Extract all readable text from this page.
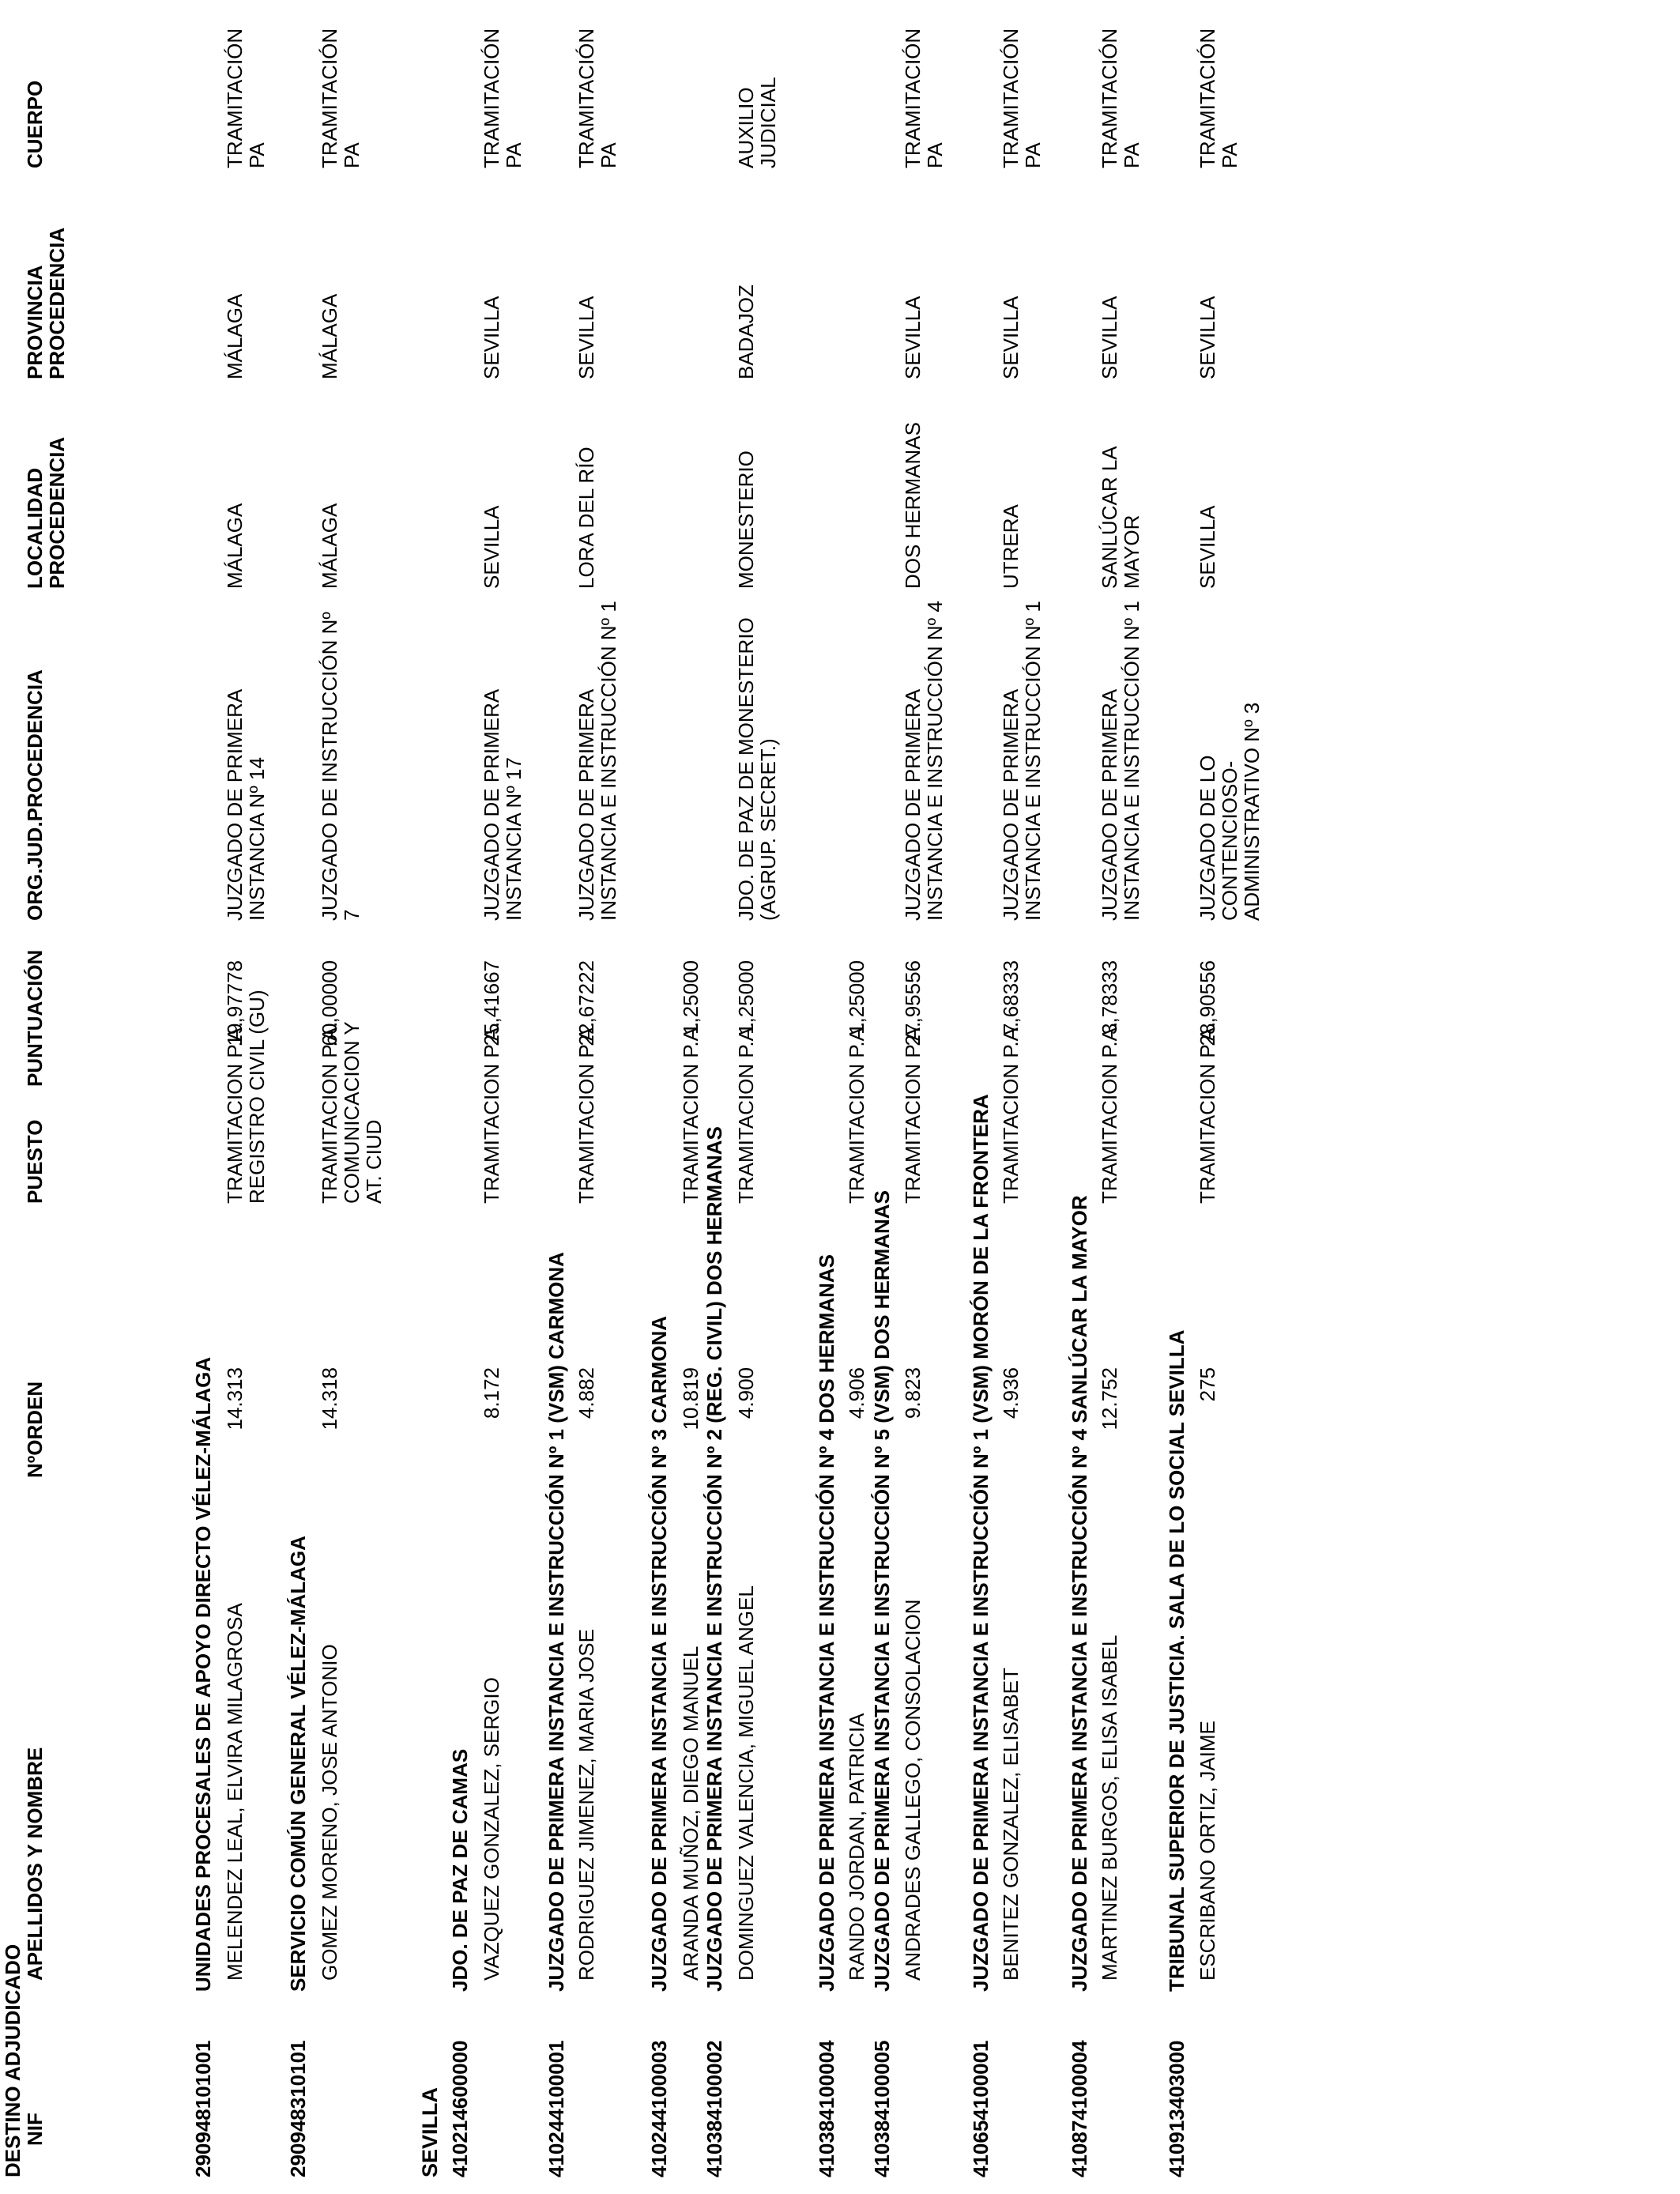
DESTINO ADJUDICADO
NIF
APELLIDOS Y NOMBRE
NºORDEN
PUESTO
PUNTUACIÓN
ORG.JUD.PROCEDENCIA
LOCALIDAD
PROCEDENCIA
PROVINCIA
PROCEDENCIA
CUERPO
SEVILLA
290948101001
UNIDADES PROCESALES DE APOYO DIRECTO VÉLEZ-MÁLAGA
290948310101
SERVICIO COMÚN GENERAL VÉLEZ-MÁLAGA
410214600000
JDO. DE PAZ DE CAMAS
410244100001
JUZGADO DE PRIMERA INSTANCIA E INSTRUCCIÓN Nº 1 (VSM) CARMONA
410244100003
JUZGADO DE PRIMERA INSTANCIA E INSTRUCCIÓN Nº 3 CARMONA
410384100002
JUZGADO DE PRIMERA INSTANCIA E INSTRUCCIÓN Nº 2 (REG. CIVIL) DOS HERMANAS
410384100004
JUZGADO DE PRIMERA INSTANCIA E INSTRUCCIÓN Nº 4 DOS HERMANAS
410384100005
JUZGADO DE PRIMERA INSTANCIA E INSTRUCCIÓN Nº 5 (VSM) DOS HERMANAS
410654100001
JUZGADO DE PRIMERA INSTANCIA E INSTRUCCIÓN Nº 1 (VSM) MORÓN DE LA FRONTERA
410874100004
JUZGADO DE PRIMERA INSTANCIA E INSTRUCCIÓN Nº 4 SANLÚCAR LA MAYOR
410913403000
TRIBUNAL SUPERIOR DE JUSTICIA. SALA DE LO SOCIAL SEVILLA
MELENDEZ LEAL, ELVIRA MILAGROSA
14.313
TRAMITACION P.A.
REGISTRO CIVIL (GU)
19,97778
JUZGADO DE PRIMERA
INSTANCIA Nº 14
MÁLAGA
MÁLAGA
TRAMITACIÓN
PA
GOMEZ MORENO, JOSE ANTONIO
14.318
TRAMITACION P.A.
COMUNICACION Y
AT. CIUD
60,00000
JUZGADO DE INSTRUCCIÓN Nº
7
MÁLAGA
MÁLAGA
TRAMITACIÓN
PA
VAZQUEZ GONZALEZ, SERGIO
8.172
TRAMITACION P.A.
25,41667
JUZGADO DE PRIMERA
INSTANCIA Nº 17
SEVILLA
SEVILLA
TRAMITACIÓN
PA
RODRIGUEZ JIMENEZ, MARIA JOSE
4.882
TRAMITACION P.A.
22,67222
JUZGADO DE PRIMERA
INSTANCIA E INSTRUCCIÓN Nº 1
LORA DEL RÍO
SEVILLA
TRAMITACIÓN
PA
ARANDA MUÑOZ, DIEGO MANUEL
10.819
TRAMITACION P.A.
1,25000
DOMINGUEZ VALENCIA, MIGUEL ANGEL
4.900
TRAMITACION P.A.
1,25000
JDO. DE PAZ DE MONESTERIO
(AGRUP. SECRET.)
MONESTERIO
BADAJOZ
AUXILIO
JUDICIAL
RANDO JORDAN, PATRICIA
4.906
TRAMITACION P.A.
1,25000
ANDRADES GALLEGO, CONSOLACION
9.823
TRAMITACION P.A.
27,95556
JUZGADO DE PRIMERA
INSTANCIA E INSTRUCCIÓN Nº 4
DOS HERMANAS
SEVILLA
TRAMITACIÓN
PA
BENITEZ GONZALEZ, ELISABET
4.936
TRAMITACION P.A.
7,68333
JUZGADO DE PRIMERA
INSTANCIA E INSTRUCCIÓN Nº 1
UTRERA
SEVILLA
TRAMITACIÓN
PA
MARTINEZ BURGOS, ELISA ISABEL
12.752
TRAMITACION P.A.
3,78333
JUZGADO DE PRIMERA
INSTANCIA E INSTRUCCIÓN Nº 1
SANLÚCAR LA
MAYOR
SEVILLA
TRAMITACIÓN
PA
ESCRIBANO ORTIZ, JAIME
275
TRAMITACION P.A.
28,90556
JUZGADO DE LO
CONTENCIOSO-
ADMINISTRATIVO Nº 3
SEVILLA
SEVILLA
TRAMITACIÓN
PA
